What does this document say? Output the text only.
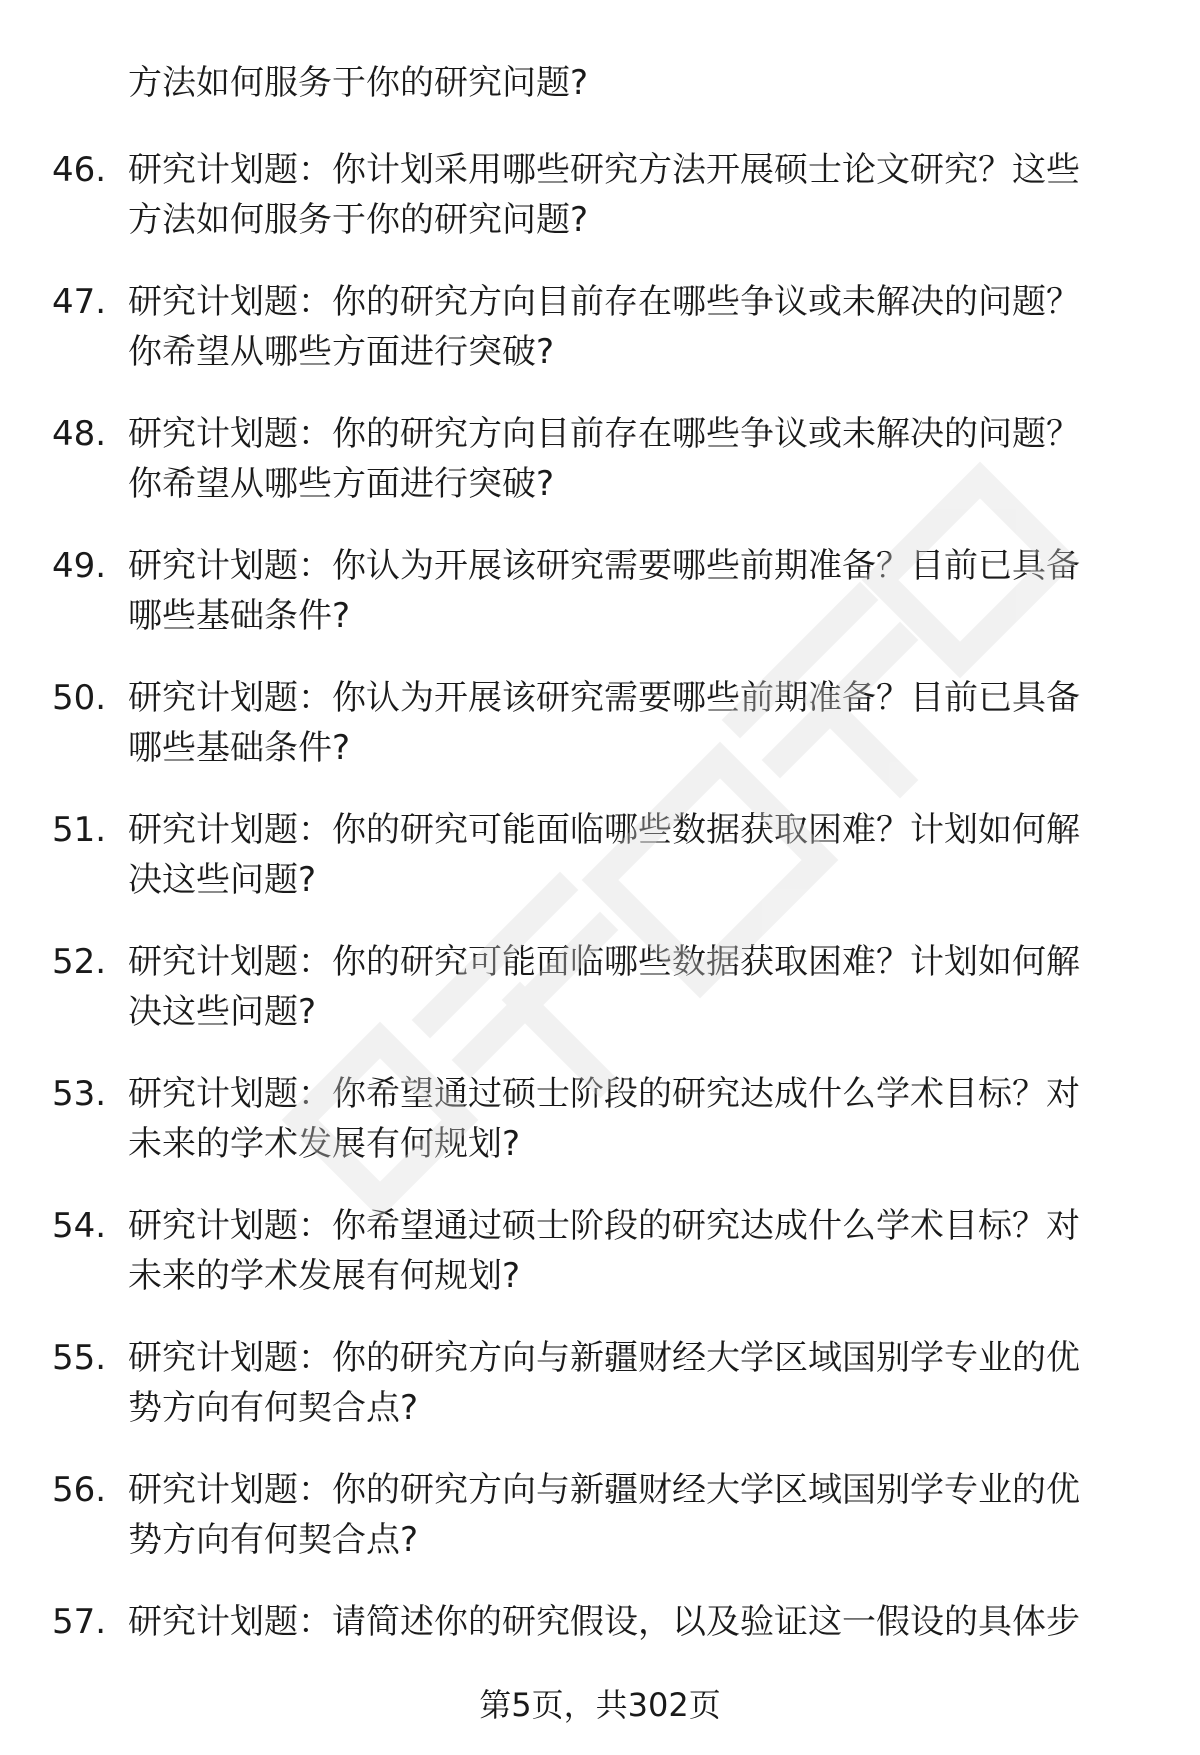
方法如何服务于你的研究问题?
46. 研究计划题：你计划采用哪些研究方法开展硕士论文研究？这些
方法如何服务于你的研究问题?
47. 研究计划题：你的研究方向目前存在哪些争议或未解决的问题？
你希望从哪些方面进行突破?
48. 研究计划题：你的研究方向目前存在哪些争议或未解决的问题？
你希望从哪些方面进行突破?
49. 研究计划题：你认为开展该研究需要哪些前期准备？目前已具备
哪些基础条件?
50. 研究计划题：你认为开展该研究需要哪些前期准备？目前已具备
哪些基础条件?
51. 研究计划题：你的研究可能面临哪些数据获取困难？计划如何解
决这些问题?
52. 研究计划题：你的研究可能面临哪些数据获取困难？计划如何解
决这些问题?
53. 研究计划题：你希望通过硕士阶段的研究达成什么学术目标？对
未来的学术发展有何规划?
54. 研究计划题：你希望通过硕士阶段的研究达成什么学术目标？对
未来的学术发展有何规划?
55. 研究计划题：你的研究方向与新疆财经大学区域国别学专业的优
势方向有何契合点?
56. 研究计划题：你的研究方向与新疆财经大学区域国别学专业的优
势方向有何契合点?
57. 研究计划题：请简述你的研究假设，以及验证这一假设的具体步
第5页，共302页
